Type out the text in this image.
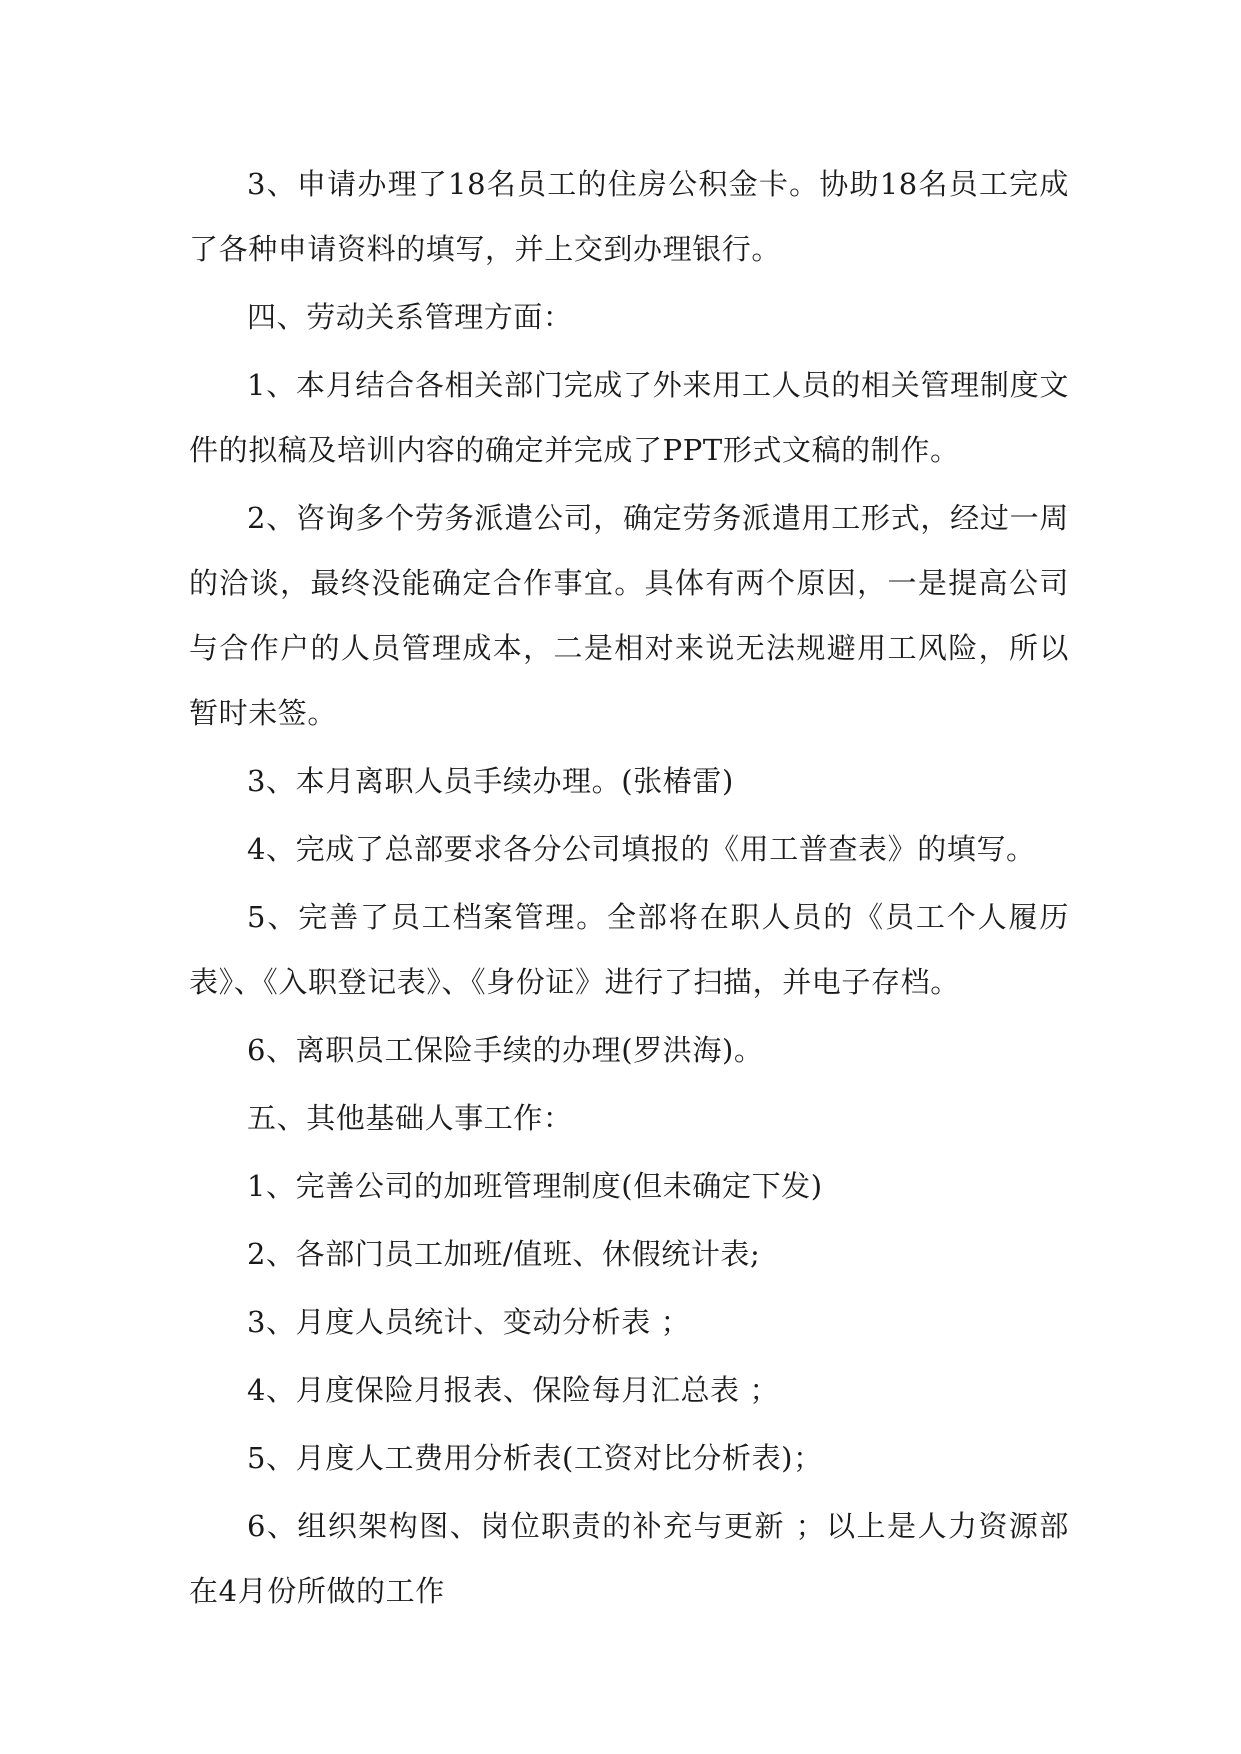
3、申请办理了18名员工的住房公积金卡。协助18名员工完成了各种申请资料的填写，并上交到办理银行。

四、劳动关系管理方面：

1、本月结合各相关部门完成了外来用工人员的相关管理制度文件的拟稿及培训内容的确定并完成了PPT形式文稿的制作。

2、咨询多个劳务派遣公司，确定劳务派遣用工形式，经过一周的洽谈，最终没能确定合作事宜。具体有两个原因，一是提高公司与合作户的人员管理成本，二是相对来说无法规避用工风险，所以暂时未签。

3、本月离职人员手续办理。(张椿雷)

4、完成了总部要求各分公司填报的《用工普查表》的填写。

5、完善了员工档案管理。全部将在职人员的《员工个人履历表》、《入职登记表》、《身份证》进行了扫描，并电子存档。

6、离职员工保险手续的办理(罗洪海)。

五、其他基础人事工作：

1、完善公司的加班管理制度(但未确定下发)

2、各部门员工加班/值班、休假统计表;

3、月度人员统计、变动分析表 ；

4、月度保险月报表、保险每月汇总表 ；

5、月度人工费用分析表(工资对比分析表)；

6、组织架构图、岗位职责的补充与更新 ；以上是人力资源部在4月份所做的工作
